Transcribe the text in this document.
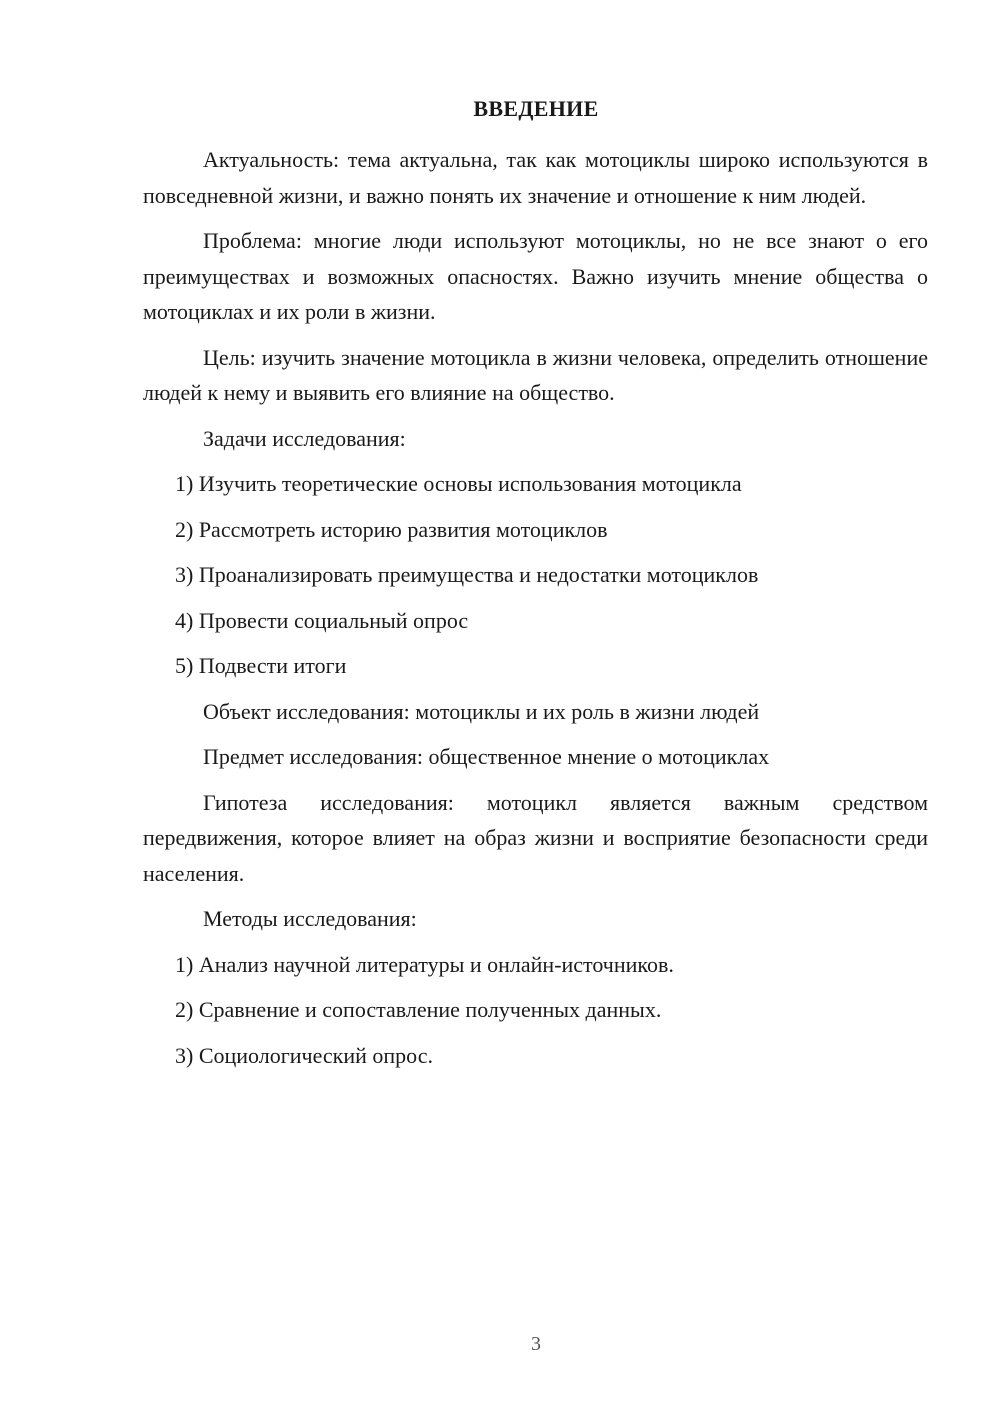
ВВЕДЕНИЕ

Актуальность: тема актуальна, так как мотоциклы широко используются в повседневной жизни, и важно понять их значение и отношение к ним людей.

Проблема: многие люди используют мотоциклы, но не все знают о его преимуществах и возможных опасностях. Важно изучить мнение общества о мотоциклах и их роли в жизни.

Цель: изучить значение мотоцикла в жизни человека, определить отношение людей к нему и выявить его влияние на общество.

Задачи исследования:

1) Изучить теоретические основы использования мотоцикла

2) Рассмотреть историю развития мотоциклов

3) Проанализировать преимущества и недостатки мотоциклов

4) Провести социальный опрос

5) Подвести итоги

Объект исследования: мотоциклы и их роль в жизни людей

Предмет исследования: общественное мнение о мотоциклах

Гипотеза исследования: мотоцикл является важным средством передвижения, которое влияет на образ жизни и восприятие безопасности среди населения.

Методы исследования:

1) Анализ научной литературы и онлайн-источников.

2) Сравнение и сопоставление полученных данных.

3) Социологический опрос.

3
